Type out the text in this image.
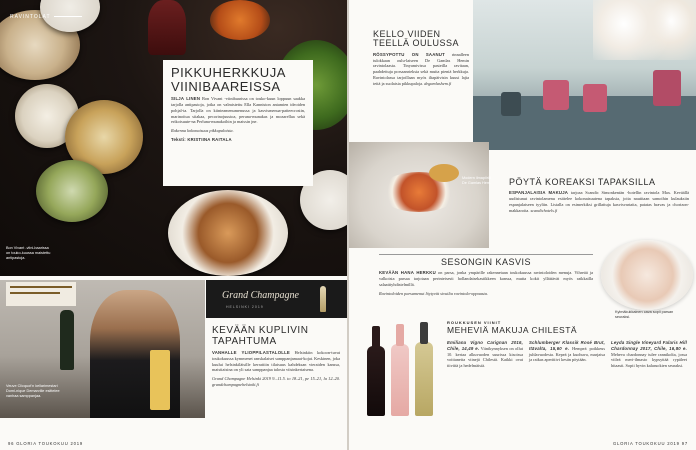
RAVINTOLAT
PIKKUHERKKUJA VIINIBAAREISSA

SILJA LINEN Bon Vivant -viinibaarissa on touko-kuun loppuun saakka tarjolla antipastoja, jotka on valmistettu Ella Kanniston antamien ideoiden pohjal-ta. Tarjolla on kiinteamenumenussa ja kasvismenua-patteecrostin, marinoitua siiakaa, pecorinojuustoa, peruna-munakas ja mozarellaa sekä erikoisuute-na Perluna-munakoihin ja maissin jne.

Rakenna kokonaisuus pikkupaloista.

Teksti: KRISTIINA RAITALA

Bon Vivant -viini-baarissa on touko-kuussa maistettu antipastoja.
Veuve Clicquot'n kellarimestari Domi-nique Demarville esittelee vanhaa samppanjaa.
Grand Champagne
HELSINKI 2019
KEVÄÄN KUPLIVIN TAPAHTUMA

VANHALLE YLIOPPILASTALOLLE Helsinkiin kokoon-tuvat toukokuussa kymmenet ranskalaiset samppanjamaat-kojat. Keskinen, joka kuului helsinkiläisille kerrattiin tilaisuus kahdeksan vieraiden kanssa, maistiaisina on yli sata samppanjaa talosta viisinkertaisena.

Grand Champagne Helsinki 2019 9.–11.5. to 18–21, pe 15–21, la 12–20. grandchampagnehelsinki.fi

96 GLORIA TOUKOKUU 2019
KELLO VIIDEN TEELLÄ OULUSSA

RÖSSYPOTTU ON SAANUT rinnalleen tulokkaan oulu-laiseen De Gamlas Hemin ravintolaasta. Tinyamivissa pasteilla ravitaan, paahdettuja porsaanrieksia sekä muita pieniä herkkuja. Ravintolassa tarjoillaan myös iltapäivisin kuusi lajia teitä ja suolaisia pikkupaloja. degamlashem.fi

Modern ilmapiiriä De Gamlas Hem.	PÖYTÄ KOREAKSI TAPAKSILLA

ESPANJALAISIA MAKUJA tarjoaa Scandic Simonkentän -hotellin ravintola Max. Keväällä uudistunut ravintolamenu esittelee kokonaisuutena tapaksia, joita nautitaan samoihin kulauksiin espanjalaiseen tyyliin. Listalla on esimerkiksi grillattuja kasvisvartaita, patatas bravas ja chorizon-makkaroita. scandichotels.fi

SESONGIN KASVIS

KEVÄÄN HANA HERKKU on parsa, jonka ympärille rakennetaan toukokuussa ravintoloiden menuja. Vihreää ja valkoista parsaa tarjotaan perinteisesti hollandaisekastikkeen kanssa, mutta kokit yllättävät myös raikkailla salaattiyhdistelmillä.

Ravintoloiden parsamenut löytyvät sivuilta ravintola-oppaasta.

Kylmäkukkainen cava sopii parsan seuraksi.
ROUKKUSEN VIINIT
MEHEVIÄ MAKUJA CHILESTÄ

Emiliana Vigno Carignan 2016, Chile, 14,49 e. Viinikynnyksen on ollut 10. kertaa alkuvuoden suurissa kisoissa voittaneita viinejä Chilestä. Kaikki ovat tiiviitä ja hedelmäisiä.

Schlumberger Klassik Rosé Brut, Itävalta, 15,60 e. Hempeä poikkeus juhlavuodesta. Kepeä ja kuohuva, marjaisa ja raikas aperitiivi kesän pöytään.

Leyda Single Vineyard Falaris Hill Chardonnay 2017, Chile, 16,80 e. Meheva chardonnay tulee rannikolta, jossa viileä meri-ilmasto kypsyttää rypäleet hitaasti. Sopii hyvin kalaruokien seuraksi.

GLORIA TOUKOKUU 2019 97
